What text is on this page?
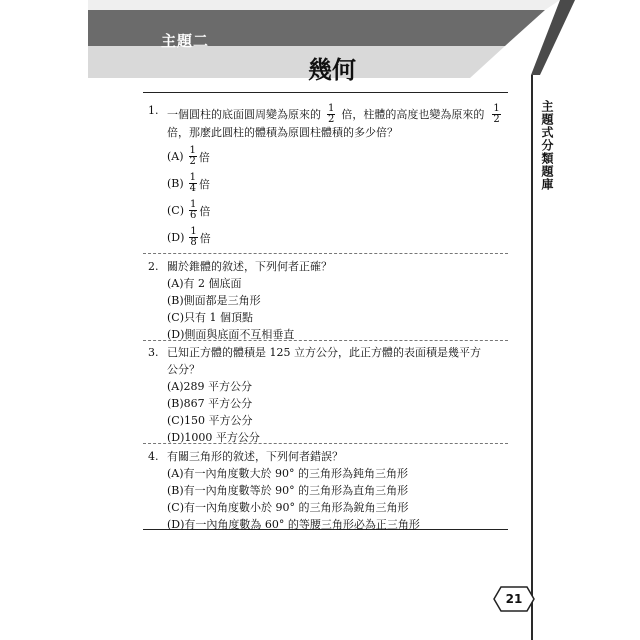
主題二
幾何
主題式分類題庫
21
1. 一個圓柱的底面圓周變為原來的 $\frac{1}{2}$ 倍，柱體的高度也變為原來的 $\frac{1}{2}$
倍，那麼此圓柱的體積為原圓柱體積的多少倍？
$(A) \frac{1}{2}$ 倍
$(B) \frac{1}{4}$ 倍
$(C) \frac{1}{6}$ 倍
$(D) \frac{1}{8}$ 倍
2. 關於錐體的敘述，下列何者正確？
(A)有 2 個底面
(B)側面都是三角形
(C)只有 1 個頂點
(D)側面與底面不互相垂直
3. 已知正方體的體積是 125 立方公分，此正方體的表面積是幾平方
公分？
(A)289 平方公分
(B)867 平方公分
(C)150 平方公分
(D)1000 平方公分
4. 有關三角形的敘述，下列何者錯誤？
(A)有一內角度數大於 90° 的三角形為鈍角三角形
(B)有一內角度數等於 90° 的三角形為直角三角形
(C)有一內角度數小於 90° 的三角形為銳角三角形
(D)有一內角度數為 60° 的等腰三角形必為正三角形
